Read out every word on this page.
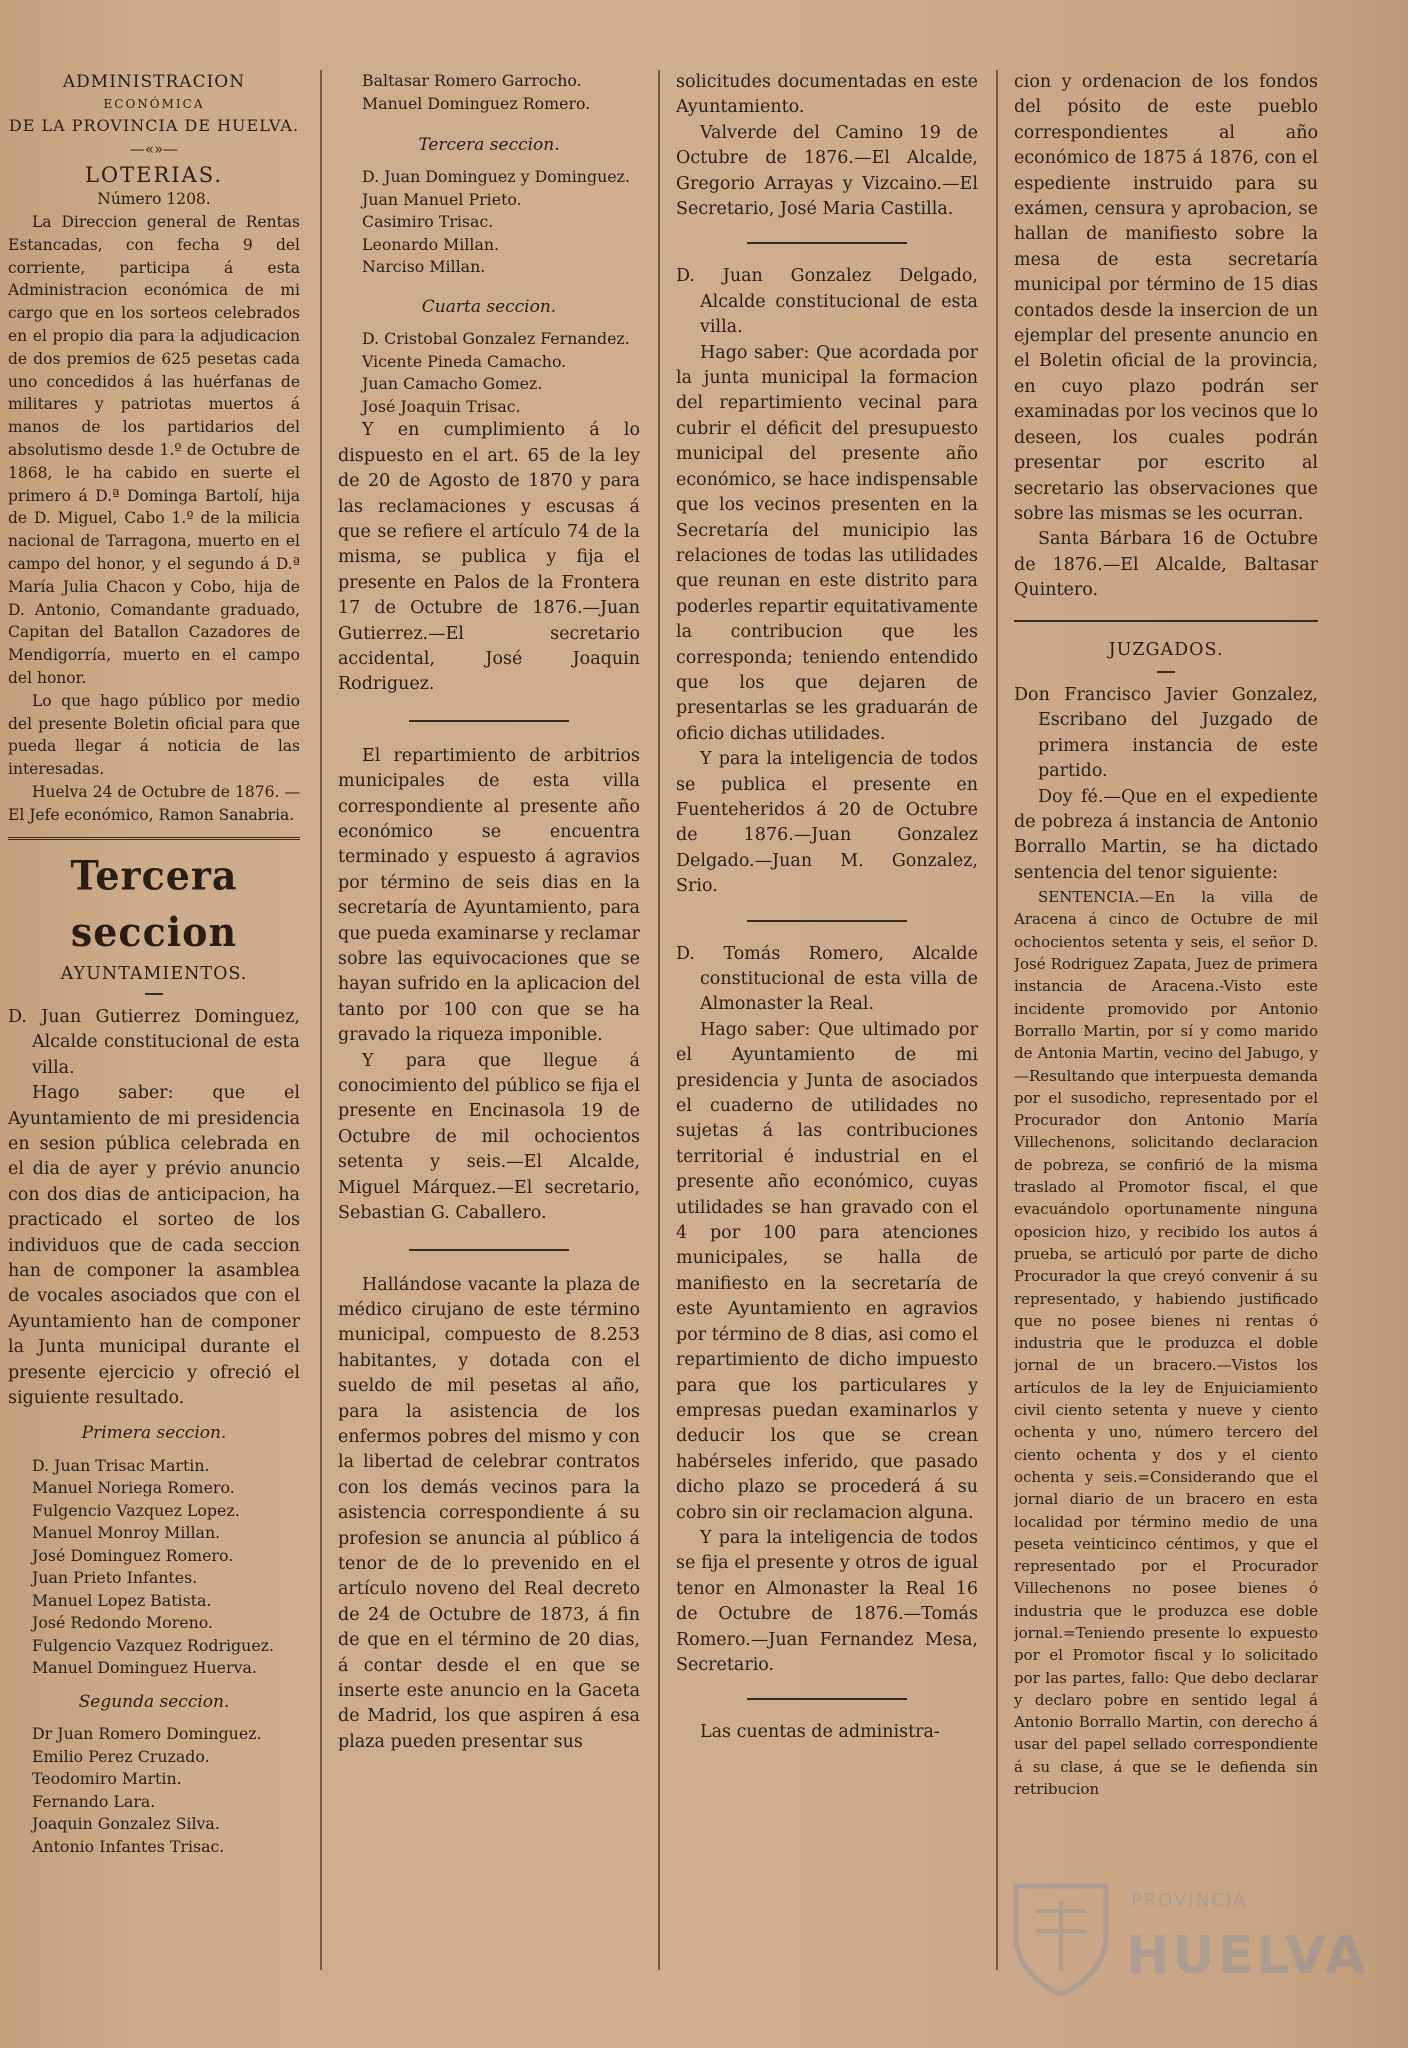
ADMINISTRACION
ECONÓMICA
DE LA PROVINCIA DE HUELVA.
—«»—
LOTERIAS.
Número 1208.

La Direccion general de Rentas Estancadas, con fecha 9 del corriente, participa á esta Administracion económica de mi cargo que en los sorteos celebrados en el propio dia para la adjudicacion de dos premios de 625 pesetas cada uno concedidos á las huérfanas de militares y patriotas muertos á manos de los partidarios del absolutismo desde 1.º de Octubre de 1868, le ha cabido en suerte el primero á D.ª Dominga Bartolí, hija de D. Miguel, Cabo 1.º de la milicia nacional de Tarragona, muerto en el campo del honor, y el segundo á D.ª María Julia Chacon y Cobo, hija de D. Antonio, Comandante graduado, Capitan del Batallon Cazadores de Mendigorría, muerto en el campo del honor.

Lo que hago público por medio del presente Boletin oficial para que pueda llegar á noticia de las interesadas.

Huelva 24 de Octubre de 1876. —El Jefe económico, Ramon Sanabria.

Tercera seccion
AYUNTAMIENTOS.

D. Juan Gutierrez Dominguez, Alcalde constitucional de esta villa.

Hago saber: que el Ayuntamiento de mi presidencia en sesion pública celebrada en el dia de ayer y prévio anuncio con dos dias de anticipacion, ha practicado el sorteo de los individuos que de cada seccion han de componer la asamblea de vocales asociados que con el Ayuntamiento han de componer la Junta municipal durante el presente ejercicio y ofreció el siguiente resultado.

Primera seccion.
D. Juan Trisac Martin.
Manuel Noriega Romero.
Fulgencio Vazquez Lopez.
Manuel Monroy Millan.
José Dominguez Romero.
Juan Prieto Infantes.
Manuel Lopez Batista.
José Redondo Moreno.
Fulgencio Vazquez Rodriguez.
Manuel Dominguez Huerva.
Segunda seccion.
Dr Juan Romero Dominguez.
Emilio Perez Cruzado.
Teodomiro Martin.
Fernando Lara.
Joaquin Gonzalez Silva.
Antonio Infantes Trisac.
Baltasar Romero Garrocho.
Manuel Dominguez Romero.
Tercera seccion.
D. Juan Dominguez y Dominguez.
Juan Manuel Prieto.
Casimiro Trisac.
Leonardo Millan.
Narciso Millan.
Cuarta seccion.
D. Cristobal Gonzalez Fernandez.
Vicente Pineda Camacho.
Juan Camacho Gomez.
José Joaquin Trisac.

Y en cumplimiento á lo dispuesto en el art. 65 de la ley de 20 de Agosto de 1870 y para las reclamaciones y escusas á que se refiere el artículo 74 de la misma, se publica y fija el presente en Palos de la Frontera 17 de Octubre de 1876.—Juan Gutierrez.—El secretario accidental, José Joaquin Rodriguez.

El repartimiento de arbitrios municipales de esta villa correspondiente al presente año económico se encuentra terminado y espuesto á agravios por término de seis dias en la secretaría de Ayuntamiento, para que pueda examinarse y reclamar sobre las equivocaciones que se hayan sufrido en la aplicacion del tanto por 100 con que se ha gravado la riqueza imponible.

Y para que llegue á conocimiento del público se fija el presente en Encinasola 19 de Octubre de mil ochocientos setenta y seis.—El Alcalde, Miguel Márquez.—El secretario, Sebastian G. Caballero.

Hallándose vacante la plaza de médico cirujano de este término municipal, compuesto de 8.253 habitantes, y dotada con el sueldo de mil pesetas al año, para la asistencia de los enfermos pobres del mismo y con la libertad de celebrar contratos con los demás vecinos para la asistencia correspondiente á su profesion se anuncia al público á tenor de de lo prevenido en el artículo noveno del Real decreto de 24 de Octubre de 1873, á fin de que en el término de 20 dias, á contar desde el en que se inserte este anuncio en la Gaceta de Madrid, los que aspiren á esa plaza pueden presentar sus

solicitudes documentadas en este Ayuntamiento.

Valverde del Camino 19 de Octubre de 1876.—El Alcalde, Gregorio Arrayas y Vizcaino.—El Secretario, José Maria Castilla.

D. Juan Gonzalez Delgado, Alcalde constitucional de esta villa.

Hago saber: Que acordada por la junta municipal la formacion del repartimiento vecinal para cubrir el déficit del presupuesto municipal del presente año económico, se hace indispensable que los vecinos presenten en la Secretaría del municipio las relaciones de todas las utilidades que reunan en este distrito para poderles repartir equitativamente la contribucion que les corresponda; teniendo entendido que los que dejaren de presentarlas se les graduarán de oficio dichas utilidades.

Y para la inteligencia de todos se publica el presente en Fuenteheridos á 20 de Octubre de 1876.—Juan Gonzalez Delgado.—Juan M. Gonzalez, Srio.

D. Tomás Romero, Alcalde constitucional de esta villa de Almonaster la Real.

Hago saber: Que ultimado por el Ayuntamiento de mi presidencia y Junta de asociados el cuaderno de utilidades no sujetas á las contribuciones territorial é industrial en el presente año económico, cuyas utilidades se han gravado con el 4 por 100 para atenciones municipales, se halla de manifiesto en la secretaría de este Ayuntamiento en agravios por término de 8 dias, asi como el repartimiento de dicho impuesto para que los particulares y empresas puedan examinarlos y deducir los que se crean habérseles inferido, que pasado dicho plazo se procederá á su cobro sin oir reclamacion alguna.

Y para la inteligencia de todos se fija el presente y otros de igual tenor en Almonaster la Real 16 de Octubre de 1876.—Tomás Romero.—Juan Fernandez Mesa, Secretario.

Las cuentas de administra-

cion y ordenacion de los fondos del pósito de este pueblo correspondientes al año económico de 1875 á 1876, con el espediente instruido para su exámen, censura y aprobacion, se hallan de manifiesto sobre la mesa de esta secretaría municipal por término de 15 dias contados desde la insercion de un ejemplar del presente anuncio en el Boletin oficial de la provincia, en cuyo plazo podrán ser examinadas por los vecinos que lo deseen, los cuales podrán presentar por escrito al secretario las observaciones que sobre las mismas se les ocurran.

Santa Bárbara 16 de Octubre de 1876.—El Alcalde, Baltasar Quintero.

JUZGADOS.

Don Francisco Javier Gonzalez, Escribano del Juzgado de primera instancia de este partido.

Doy fé.—Que en el expediente de pobreza á instancia de Antonio Borrallo Martin, se ha dictado sentencia del tenor siguiente:

SENTENCIA.—En la villa de Aracena á cinco de Octubre de mil ochocientos setenta y seis, el señor D. José Rodriguez Zapata, Juez de primera instancia de Aracena.-Visto este incidente promovido por Antonio Borrallo Martin, por sí y como marido de Antonia Martin, vecino del Jabugo, y—Resultando que interpuesta demanda por el susodicho, representado por el Procurador don Antonio María Villechenons, solicitando declaracion de pobreza, se confirió de la misma traslado al Promotor fiscal, el que evacuándolo oportunamente ninguna oposicion hizo, y recibido los autos á prueba, se articuló por parte de dicho Procurador la que creyó convenir á su representado, y habiendo justificado que no posee bienes ni rentas ó industria que le produzca el doble jornal de un bracero.—Vistos los artículos de la ley de Enjuiciamiento civil ciento setenta y nueve y ciento ochenta y uno, número tercero del ciento ochenta y dos y el ciento ochenta y seis.=Considerando que el jornal diario de un bracero en esta localidad por término medio de una peseta veinticinco céntimos, y que el representado por el Procurador Villechenons no posee bienes ó industria que le produzca ese doble jornal.=Teniendo presente lo expuesto por el Promotor fiscal y lo solicitado por las partes, fallo: Que debo declarar y declaro pobre en sentido legal á Antonio Borrallo Martin, con derecho á usar del papel sellado correspondiente á su clase, á que se le defienda sin retribucion

PROVINCIA
HUELVA
